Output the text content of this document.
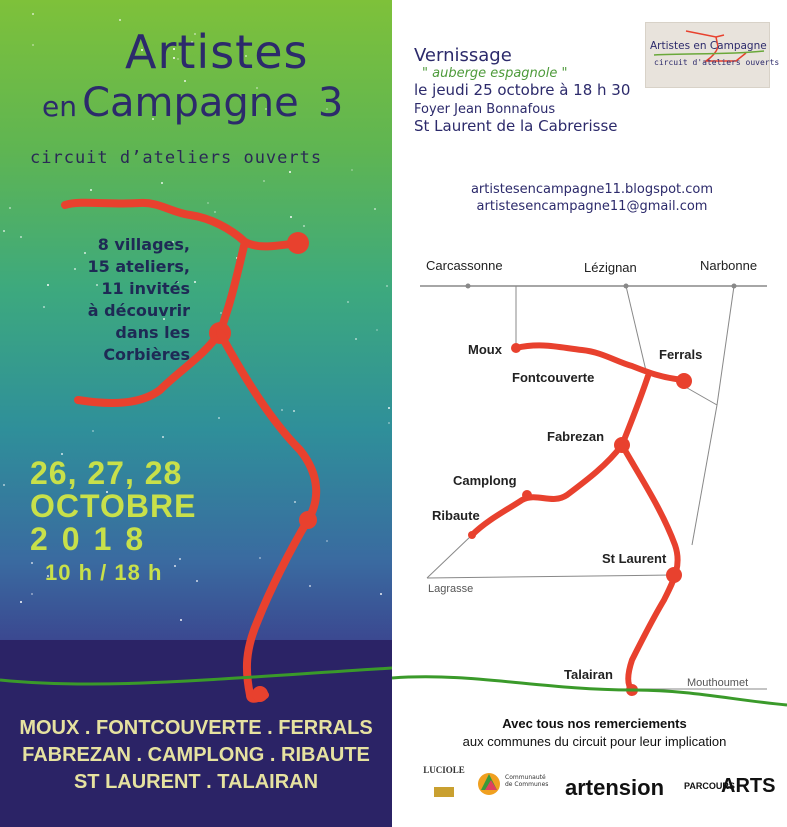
Artistes
en Campagne 3
circuit d’ateliers ouverts
8 villages,
15 ateliers,
11 invités
à découvrir
dans les
Corbières
26, 27, 28
OCTOBRE
2018
10 h / 18 h
MOUX . FONTCOUVERTE . FERRALS
FABREZAN . CAMPLONG . RIBAUTE
ST LAURENT . TALAIRAN
Vernissage
" auberge espagnole "
le jeudi 25 octobre à 18 h 30
Foyer Jean Bonnafous
St Laurent de la Cabrerisse
Artistes en Campagne
circuit d'ateliers ouverts
artistesencampagne11.blogspot.com
artistesencampagne11@gmail.com
Carcassonne	Lézignan	Narbonne
Moux	Ferrals
Fontcouverte
Fabrezan
Camplong
Ribaute
St Laurent
Talairan
Lagrasse
Mouthoumet
Avec tous nos remerciements
aux communes du circuit pour leur implication
LUCIOLE
Communauté de Communes artension PARCOURS ARTS
